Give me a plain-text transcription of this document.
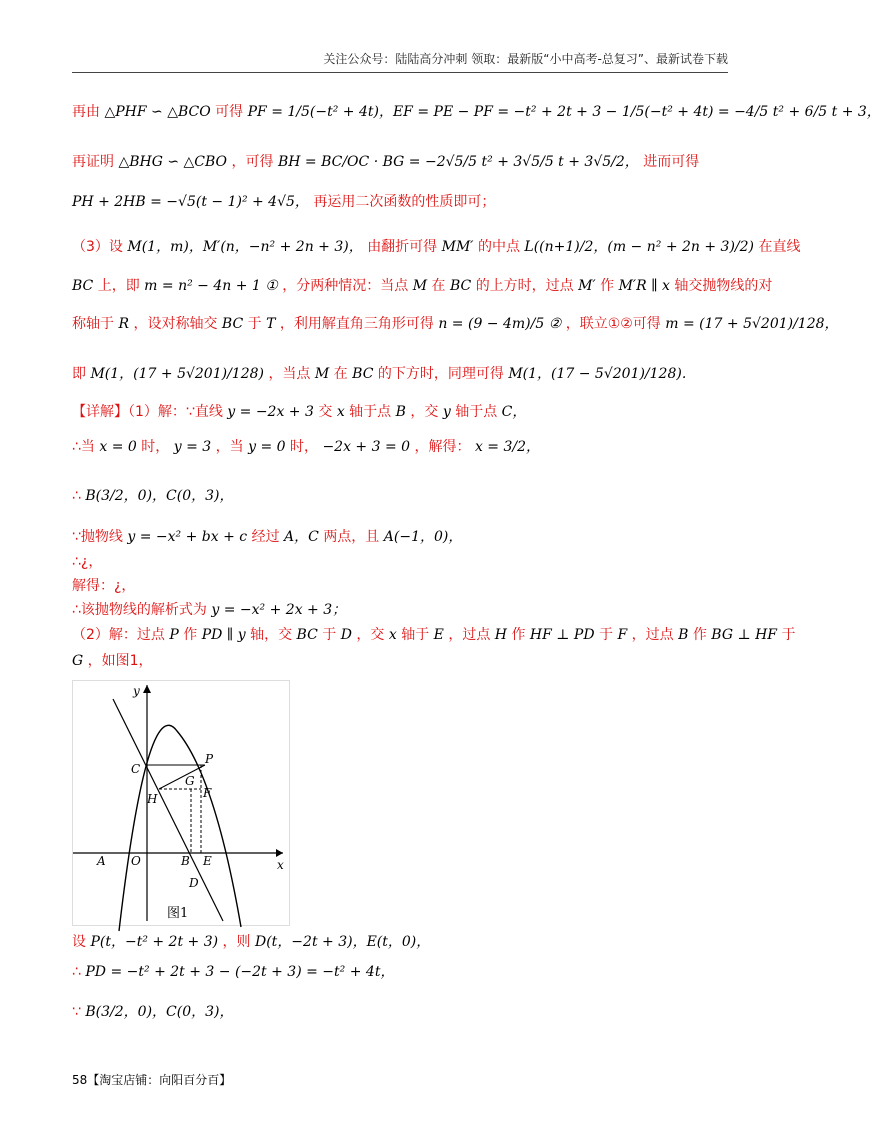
关注公众号：陆陆高分冲刺 领取：最新版“小中高考-总复习”、最新试卷下载
再由 △PHF ∽ △BCO 可得 PF = 1/5(−t² + 4t)，EF = PE − PF = −t² + 2t + 3 − 1/5(−t² + 4t) = −4/5 t² + 6/5 t + 3，
再证明 △BHG ∽ △CBO ，可得 BH = BC/OC · BG = −2√5/5 t² + 3√5/5 t + 3√5/2， 进而可得
PH + 2HB = −√5(t − 1)² + 4√5， 再运用二次函数的性质即可；
（3）设 M(1，m)，M′(n，−n² + 2n + 3)， 由翻折可得 MM′ 的中点 L((n+1)/2，(m − n² + 2n + 3)/2) 在直线
BC 上，即 m = n² − 4n + 1 ① ，分两种情况：当点 M 在 BC 的上方时，过点 M′ 作 M′R ∥ x 轴交抛物线的对
称轴于 R ，设对称轴交 BC 于 T ，利用解直角三角形可得 n = (9 − 4m)/5 ② ，联立①②可得 m = (17 + 5√201)/128，
即 M(1，(17 + 5√201)/128) ，当点 M 在 BC 的下方时，同理可得 M(1，(17 − 5√201)/128).
【详解】（1）解：∵直线 y = −2x + 3 交 x 轴于点 B ，交 y 轴于点 C，
∴当 x = 0 时， y = 3 ，当 y = 0 时， −2x + 3 = 0 ，解得： x = 3/2，
∴ B(3/2，0)，C(0，3)，
∵抛物线 y = −x² + bx + c 经过 A，C 两点，且 A(−1，0)，
∴¿，
解得：¿，
∴该抛物线的解析式为 y = −x² + 2x + 3；
（2）解：过点 P 作 PD ∥ y 轴，交 BC 于 D ，交 x 轴于 E ，过点 H 作 HF ⊥ PD 于 F ，过点 B 作 BG ⊥ HF 于
G ，如图1，
设 P(t，−t² + 2t + 3) ，则 D(t，−2t + 3)，E(t，0)，
∴ PD = −t² + 2t + 3 − (−2t + 3) = −t² + 4t，
∵ B(3/2，0)，C(0，3)，
y
x
A O	B E
C
H
G
P
F
D
图1
58【淘宝店铺：向阳百分百】
